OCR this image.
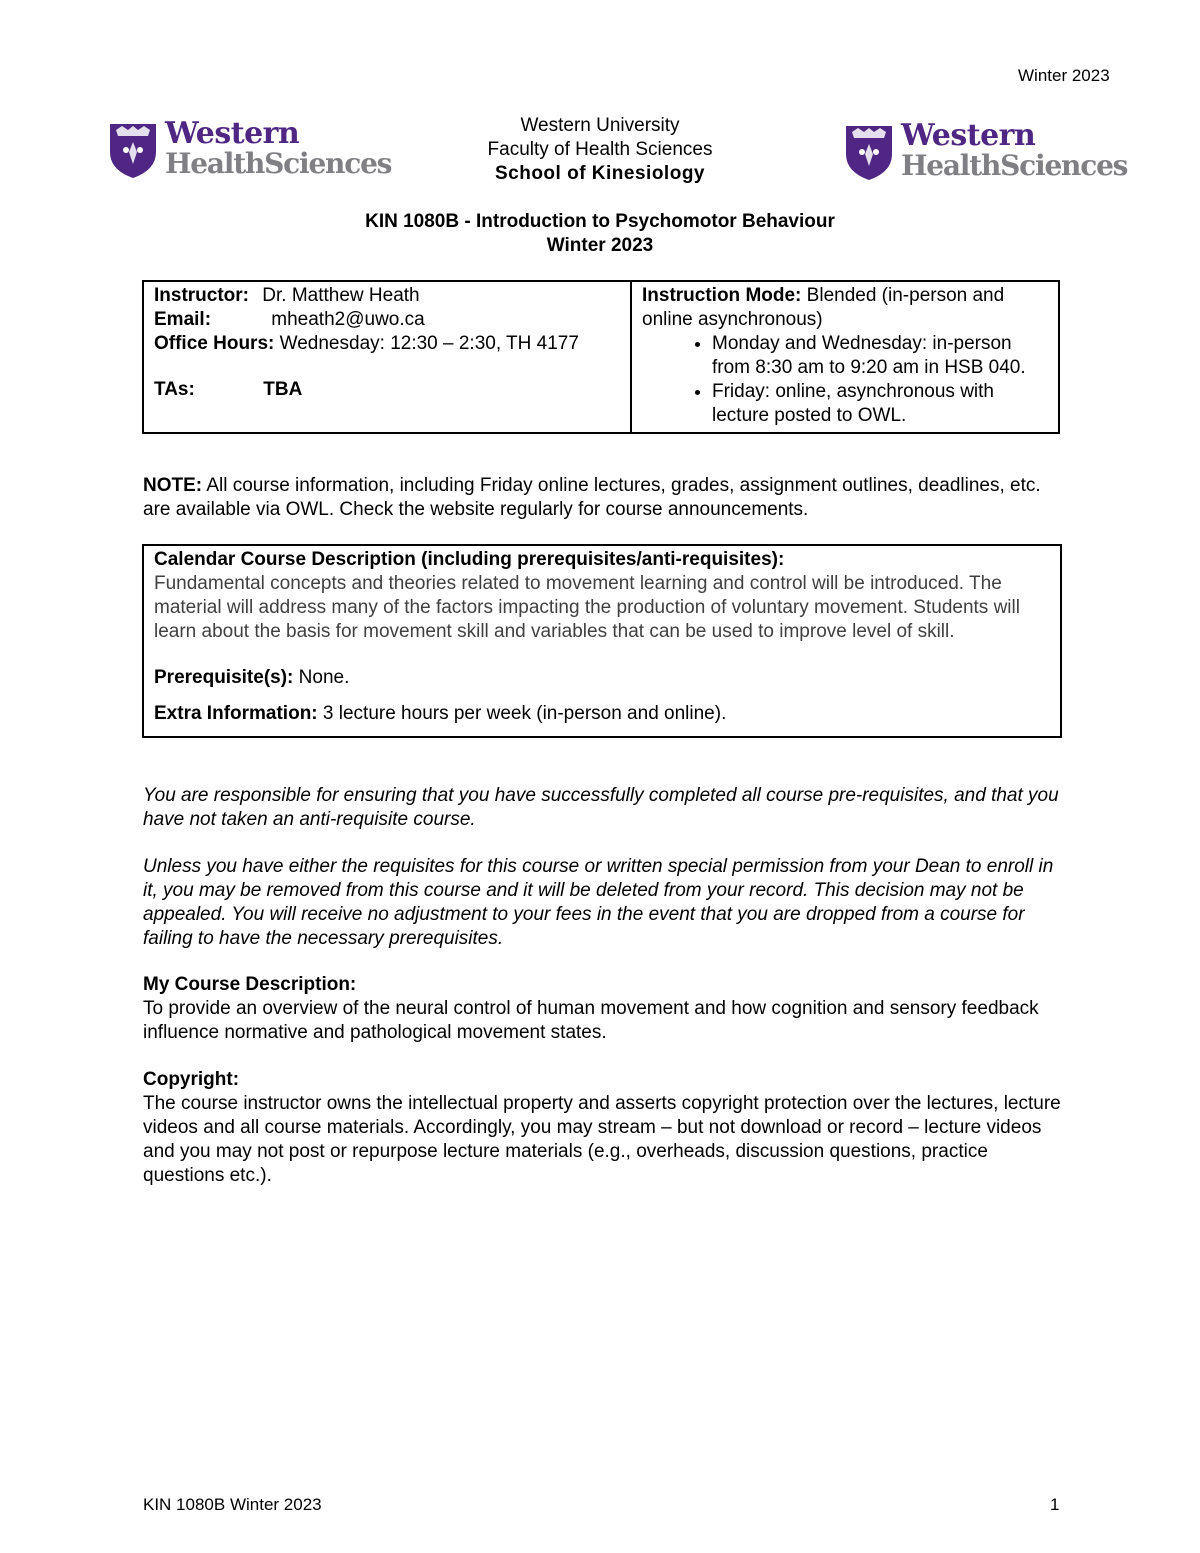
Winter 2023
Western
HealthSciences
Western
HealthSciences
Western University
Faculty of Health Sciences
School of Kinesiology
KIN 1080B - Introduction to Psychomotor Behaviour
Winter 2023
Instructor: Dr. Matthew Heath
Email:	mheath2@uwo.ca
Office Hours: Wednesday: 12:30 – 2:30, TH 4177
TAs:	TBA

Instruction Mode: Blended (in-person and online asynchronous)
• Monday and Wednesday: in-person from 8:30 am to 9:20 am in HSB 040.
• Friday: online, asynchronous with lecture posted to OWL.
NOTE: All course information, including Friday online lectures, grades, assignment outlines, deadlines, etc. are available via OWL. Check the website regularly for course announcements.

Calendar Course Description (including prerequisites/anti-requisites):

Fundamental concepts and theories related to movement learning and control will be introduced. The material will address many of the factors impacting the production of voluntary movement. Students will learn about the basis for movement skill and variables that can be used to improve level of skill.

Prerequisite(s): None.

Extra Information: 3 lecture hours per week (in-person and online).

You are responsible for ensuring that you have successfully completed all course pre-requisites, and that you have not taken an anti-requisite course.

Unless you have either the requisites for this course or written special permission from your Dean to enroll in it, you may be removed from this course and it will be deleted from your record. This decision may not be appealed. You will receive no adjustment to your fees in the event that you are dropped from a course for failing to have the necessary prerequisites.

My Course Description:

To provide an overview of the neural control of human movement and how cognition and sensory feedback influence normative and pathological movement states.

Copyright:

The course instructor owns the intellectual property and asserts copyright protection over the lectures, lecture videos and all course materials. Accordingly, you may stream – but not download or record – lecture videos and you may not post or repurpose lecture materials (e.g., overheads, discussion questions, practice questions etc.).

KIN 1080B Winter 2023	1
